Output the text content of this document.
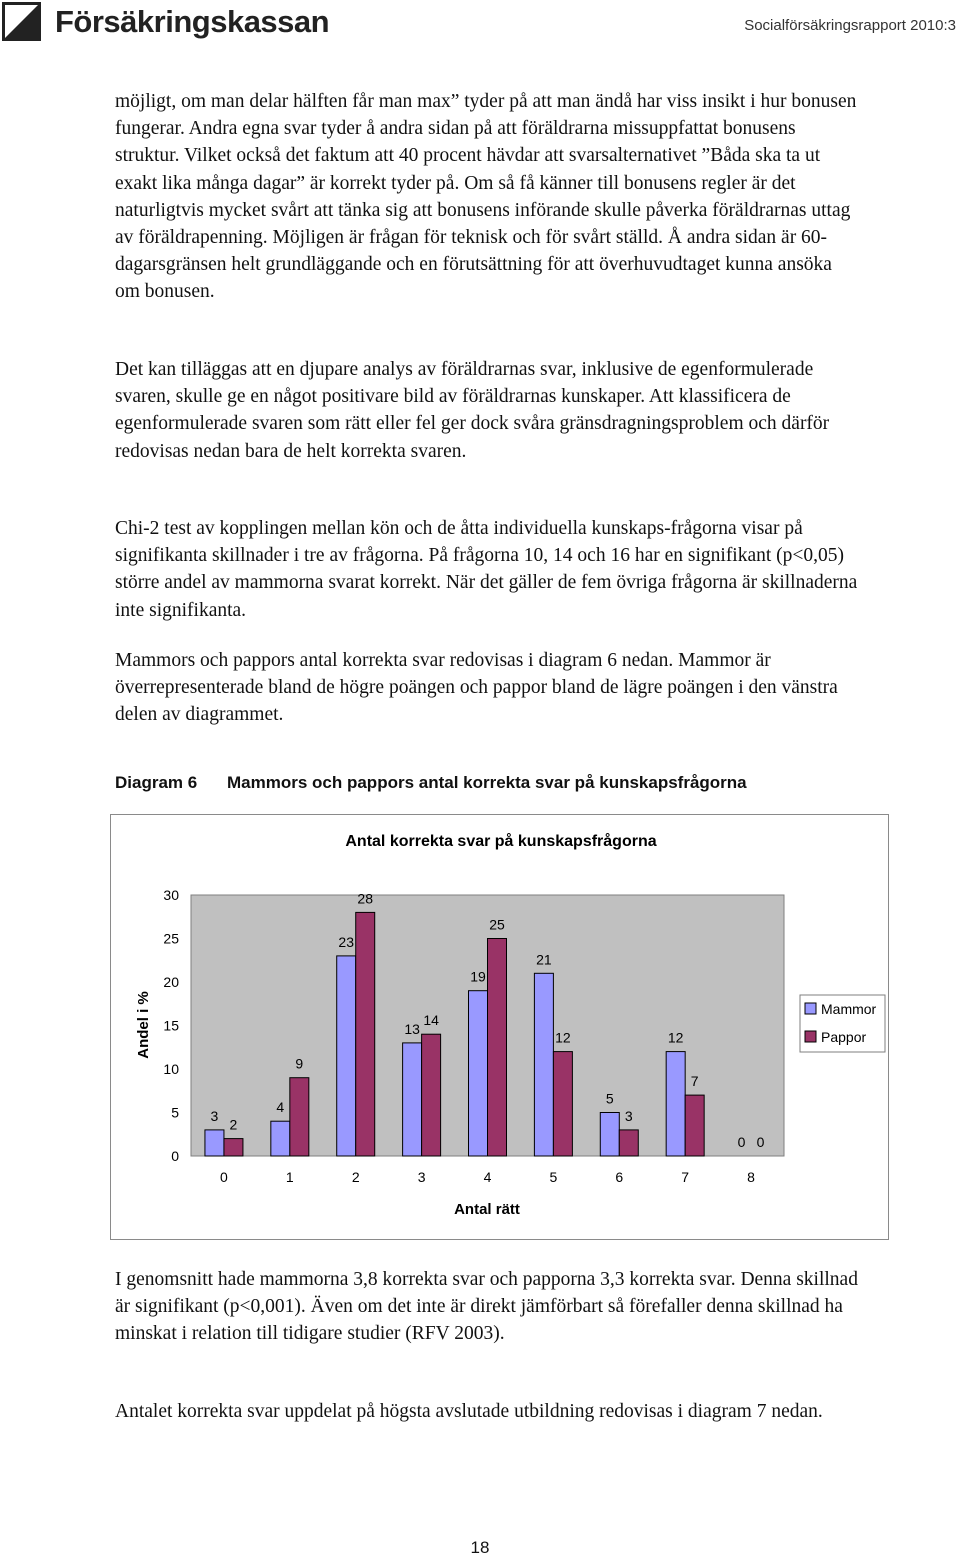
Försäkringskassan	Socialförsäkringsrapport 2010:3

möjligt, om man delar hälften får man max” tyder på att man ändå har viss insikt i hur bonusen fungerar. Andra egna svar tyder å andra sidan på att föräldrarna missuppfattat bonusens struktur. Vilket också det faktum att 40 procent hävdar att svarsalternativet ”Båda ska ta ut exakt lika många dagar” är korrekt tyder på. Om så få känner till bonusens regler är det naturligtvis mycket svårt att tänka sig att bonusens införande skulle påverka föräldrarnas uttag av föräldrapenning. Möjligen är frågan för teknisk och för svårt ställd. Å andra sidan är 60-dagarsgränsen helt grundläggande och en förutsättning för att överhuvudtaget kunna ansöka om bonusen.

Det kan tilläggas att en djupare analys av föräldrarnas svar, inklusive de egenformulerade svaren, skulle ge en något positivare bild av föräldrarnas kunskaper. Att klassificera de egenformulerade svaren som rätt eller fel ger dock svåra gränsdragningsproblem och därför redovisas nedan bara de helt korrekta svaren.

Chi-2 test av kopplingen mellan kön och de åtta individuella kunskaps-frågorna visar på signifikanta skillnader i tre av frågorna. På frågorna 10, 14 och 16 har en signifikant (p<0,05) större andel av mammorna svarat korrekt. När det gäller de fem övriga frågorna är skillnaderna inte signifikanta.

Mammors och pappors antal korrekta svar redovisas i diagram 6 nedan. Mammor är överrepresenterade bland de högre poängen och pappor bland de lägre poängen i den vänstra delen av diagrammet.

Diagram 6 Mammors och pappors antal korrekta svar på kunskapsfrågorna
Antal korrekta svar på kunskapsfrågorna
Andel i %
Antal rätt
0
5
10
15
20
25
30
0	1	2	3	4	5	6	7	8
3
2
4
9
23
28
13
14
19
25
21
12
5
3
12
7
0 0
Mammor
Pappor

I genomsnitt hade mammorna 3,8 korrekta svar och papporna 3,3 korrekta svar. Denna skillnad är signifikant (p<0,001). Även om det inte är direkt jämförbart så förefaller denna skillnad ha minskat i relation till tidigare studier (RFV 2003).

Antalet korrekta svar uppdelat på högsta avslutade utbildning redovisas i diagram 7 nedan.

18
